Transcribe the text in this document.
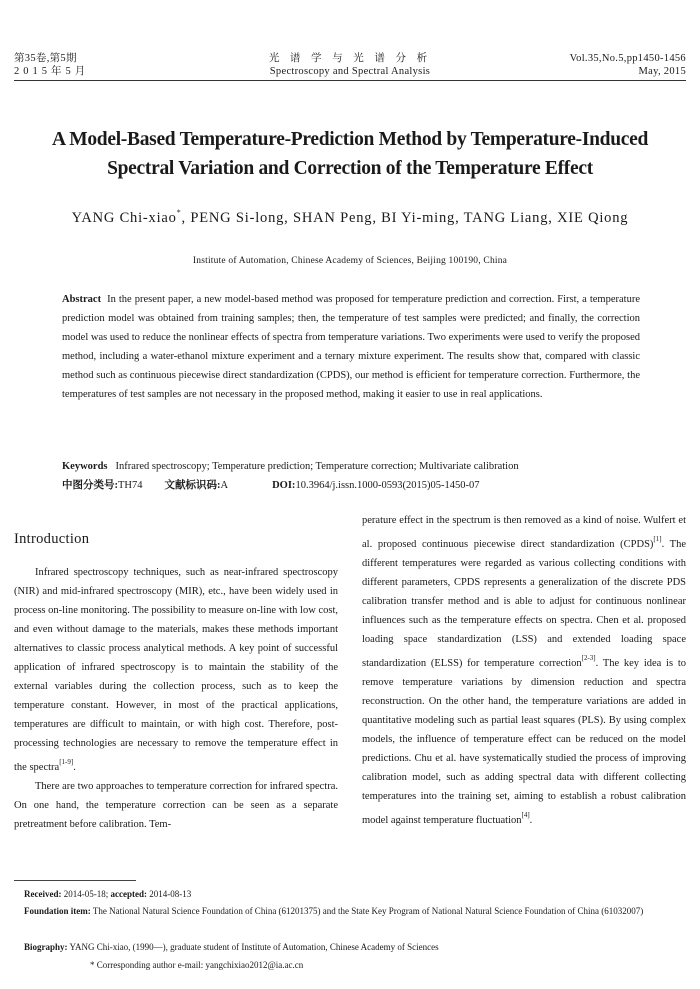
第35卷,第5期
2015年5月
光 谱 学 与 光 谱 分 析
Spectroscopy and Spectral Analysis
Vol.35,No.5,pp1450-1456
May, 2015
A Model-Based Temperature-Prediction Method by Temperature-Induced
Spectral Variation and Correction of the Temperature Effect
YANG Chi-xiao*, PENG Si-long, SHAN Peng, BI Yi-ming, TANG Liang, XIE Qiong
Institute of Automation, Chinese Academy of Sciences, Beijing 100190, China
Abstract In the present paper, a new model-based method was proposed for temperature prediction and correction. First, a temperature prediction model was obtained from training samples; then, the temperature of test samples were predicted; and finally, the correction model was used to reduce the nonlinear effects of spectra from temperature variations. Two experiments were used to verify the proposed method, including a water-ethanol mixture experiment and a ternary mixture experiment. The results show that, compared with classic method such as continuous piecewise direct standardization (CPDS), our method is efficient for temperature correction. Furthermore, the temperatures of test samples are not necessary in the proposed method, making it easier to use in real applications.
Keywords Infrared spectroscopy; Temperature prediction; Temperature correction; Multivariate calibration
中图分类号:TH74 文献标识码:A	DOI:10.3964/j.issn.1000-0593(2015)05-1450-07
Introduction

Infrared spectroscopy techniques, such as near-infrared spectroscopy (NIR) and mid-infrared spectroscopy (MIR), etc., have been widely used in process on-line monitoring. The possibility to measure on-line with low cost, and even without damage to the materials, makes these methods important alternatives to classic process analytical methods. A key point of successful application of infrared spectroscopy is to maintain the stability of the external variables during the collection process, such as to keep the temperature constant. However, in most of the practical applications, temperatures are difficult to maintain, or with high cost. Therefore, post-processing technologies are necessary to remove the temperature effect in the spectra[1-9].

There are two approaches to temperature correction for infrared spectra. On one hand, the temperature correction can be seen as a separate pretreatment before calibration. Tem-

perature effect in the spectrum is then removed as a kind of noise. Wulfert et al. proposed continuous piecewise direct standardization (CPDS)[1]. The different temperatures were regarded as various collecting conditions with different parameters, CPDS represents a generalization of the discrete PDS calibration transfer method and is able to adjust for continuous nonlinear influences such as the temperature effects on spectra. Chen et al. proposed loading space standardization (LSS) and extended loading space standardization (ELSS) for temperature correction[2-3]. The key idea is to remove temperature variations by dimension reduction and spectra reconstruction. On the other hand, the temperature variations are added in quantitative modeling such as partial least squares (PLS). By using complex models, the influence of temperature effect can be reduced on the model predictions. Chu et al. have systematically studied the process of improving calibration model, such as adding spectral data with different collecting temperatures into the training set, aiming to establish a robust calibration model against temperature fluctuation[4].

Received: 2014-05-18; accepted: 2014-08-13
Foundation item: The National Natural Science Foundation of China (61201375) and the State Key Program of National Natural Science Foundation of China (61032007)
Biography: YANG Chi-xiao, (1990—), graduate student of Institute of Automation, Chinese Academy of Sciences
* Corresponding author e-mail: yangchixiao2012@ia.ac.cn
